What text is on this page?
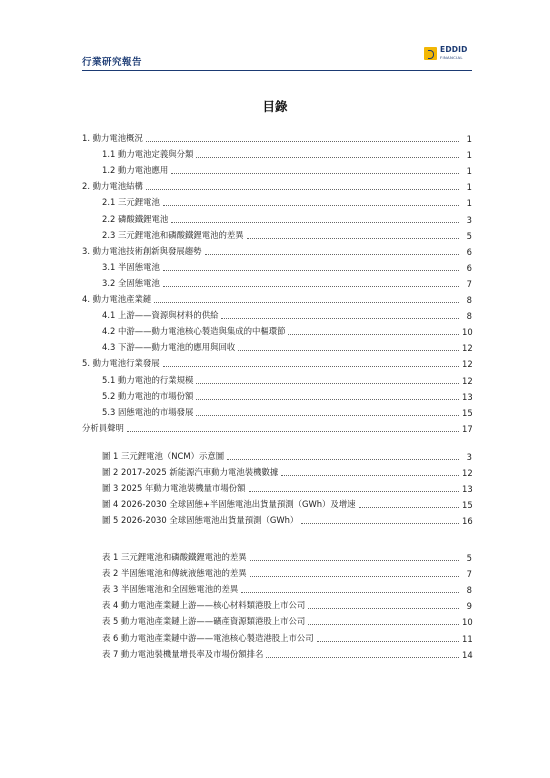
行業研究報告
EDDID
FINANCIAL
目錄
1. 動力電池概況	1
1.1 動力電池定義與分類	1
1.2 動力電池應用	1
2. 動力電池結構	1
2.1 三元鋰電池	1
2.2 磷酸鐵鋰電池	3
2.3 三元鋰電池和磷酸鐵鋰電池的差異	5
3. 動力電池技術創新與發展趨勢	6
3.1 半固態電池	6
3.2 全固態電池	7
4. 動力電池產業鏈	8
4.1 上游——資源與材料的供給	8
4.2 中游——動力電池核心製造與集成的中樞環節	10
4.3 下游——動力電池的應用與回收	12
5. 動力電池行業發展	12
5.1 動力電池的行業規模	12
5.2 動力電池的市場份額	13
5.3 固態電池的市場發展	15
分析員聲明	17
圖 1 三元鋰電池（NCM）示意圖	3
圖 2 2017-2025 新能源汽車動力電池裝機數據	12
圖 3 2025 年動力電池裝機量市場份額	13
圖 4 2026-2030 全球固態+半固態電池出貨量預測（GWh）及增速	15
圖 5 2026-2030 全球固態電池出貨量預測（GWh）	16
表 1 三元鋰電池和磷酸鐵鋰電池的差異	5
表 2 半固態電池和傳統液態電池的差異	7
表 3 半固態電池和全固態電池的差異	8
表 4 動力電池產業鏈上游——核心材料類港股上市公司	9
表 5 動力電池產業鏈上游——礦產資源類港股上市公司	10
表 6 動力電池產業鏈中游——電池核心製造港股上市公司	11
表 7 動力電池裝機量增長率及市場份額排名	14
